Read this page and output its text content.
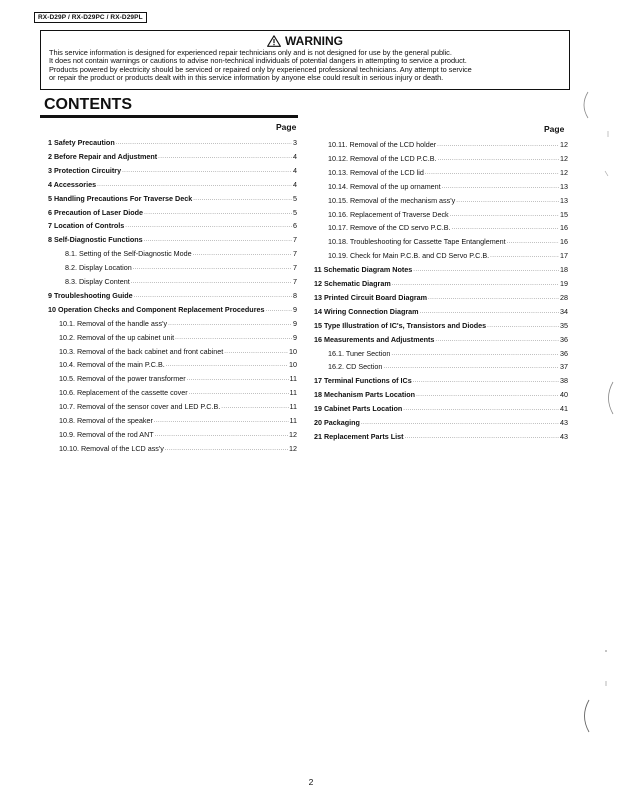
RX-D29P / RX-D29PC / RX-D29PL
WARNING
This service information is designed for experienced repair technicians only and is not designed for use by the general public.
It does not contain warnings or cautions to advise non-technical individuals of potential dangers in attempting to service a product.
Products powered by electricity should be serviced or repaired only by experienced professional technicians. Any attempt to service
or repair the product or products dealt with in this service information by anyone else could result in serious injury or death.
CONTENTS
Page	Page
2
1 Safety Precaution ·····	3
2 Before Repair and Adjustment ·····	4
3 Protection Circuitry ·····	4
4 Accessories ·····	4
5 Handling Precautions For Traverse Deck ·····	5
6 Precaution of Laser Diode ·····	5
7 Location of Controls ·····	6
8 Self-Diagnostic Functions ·····	7
8.1. Setting of the Self-Diagnostic Mode ·····	7
8.2. Display Location ·····	7
8.3. Display Content ·····	7
9 Troubleshooting Guide ·····	8
10 Operation Checks and Component Replacement Procedures ·····	9
10.1. Removal of the handle ass'y ·····	9
10.2. Removal of the up cabinet unit ·····	9
10.3. Removal of the back cabinet and front cabinet ·····	10
10.4. Removal of the main P.C.B. ·····	10
10.5. Removal of the power transformer ·····	11
10.6. Replacement of the cassette cover ·····	11
10.7. Removal of the sensor cover and LED P.C.B. ·····	11
10.8. Removal of the speaker ·····	11
10.9. Removal of the rod ANT ·····	12
10.10. Removal of the LCD ass'y ·····	12
10.11. Removal of the LCD holder ·····	12
10.12. Removal of the LCD P.C.B. ·····	12
10.13. Removal of the LCD lid ·····	12
10.14. Removal of the up ornament ·····	13
10.15. Removal of the mechanism ass'y ·····	13
10.16. Replacement of Traverse Deck ·····	15
10.17. Remove of the CD servo P.C.B. ·····	16
10.18. Troubleshooting for Cassette Tape Entanglement ·····	16
10.19. Check for Main P.C.B. and CD Servo P.C.B. ·····	17
11 Schematic Diagram Notes ·····	18
12 Schematic Diagram ·····	19
13 Printed Circuit Board Diagram ·····	28
14 Wiring Connection Diagram ·····	34
15 Type Illustration of IC's, Transistors and Diodes ·····	35
16 Measurements and Adjustments ·····	36
16.1. Tuner Section ·····	36
16.2. CD Section ·····	37
17 Terminal Functions of ICs ·····	38
18 Mechanism Parts Location ·····	40
19 Cabinet Parts Location ·····	41
20 Packaging ·····	43
21 Replacement Parts List ·····	43
